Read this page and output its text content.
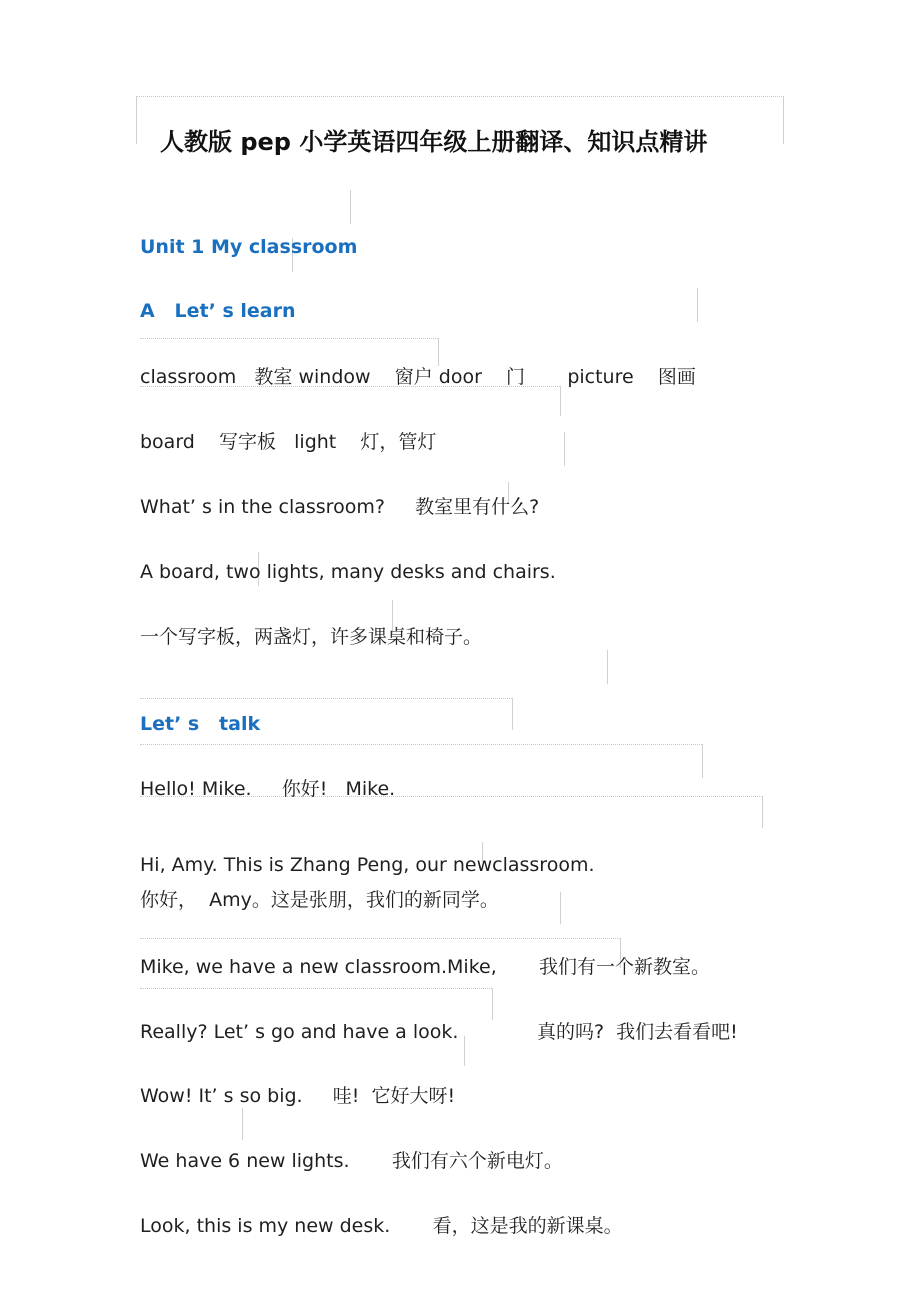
人教版 pep 小学英语四年级上册翻译、知识点精讲
Unit 1 My classroom
A   Let’ s learn
classroom   教室 window    窗户 door    门       picture    图画
board    写字板   light    灯，管灯
What’ s in the classroom?     教室里有什么?
A board, two lights, many desks and chairs.
一个写字板，两盏灯，许多课桌和椅子。
Let’ s   talk
Hello! Mike.     你好!   Mike.
Hi, Amy. This is Zhang Peng, our newclassroom.
你好，  Amy。这是张朋，我们的新同学。
Mike, we have a new classroom.Mike,       我们有一个新教室。
Really? Let’ s go and have a look.             真的吗?  我们去看看吧!
Wow! It’ s so big.     哇!  它好大呀!
We have 6 new lights.       我们有六个新电灯。
Look, this is my new desk.       看，这是我的新课桌。
